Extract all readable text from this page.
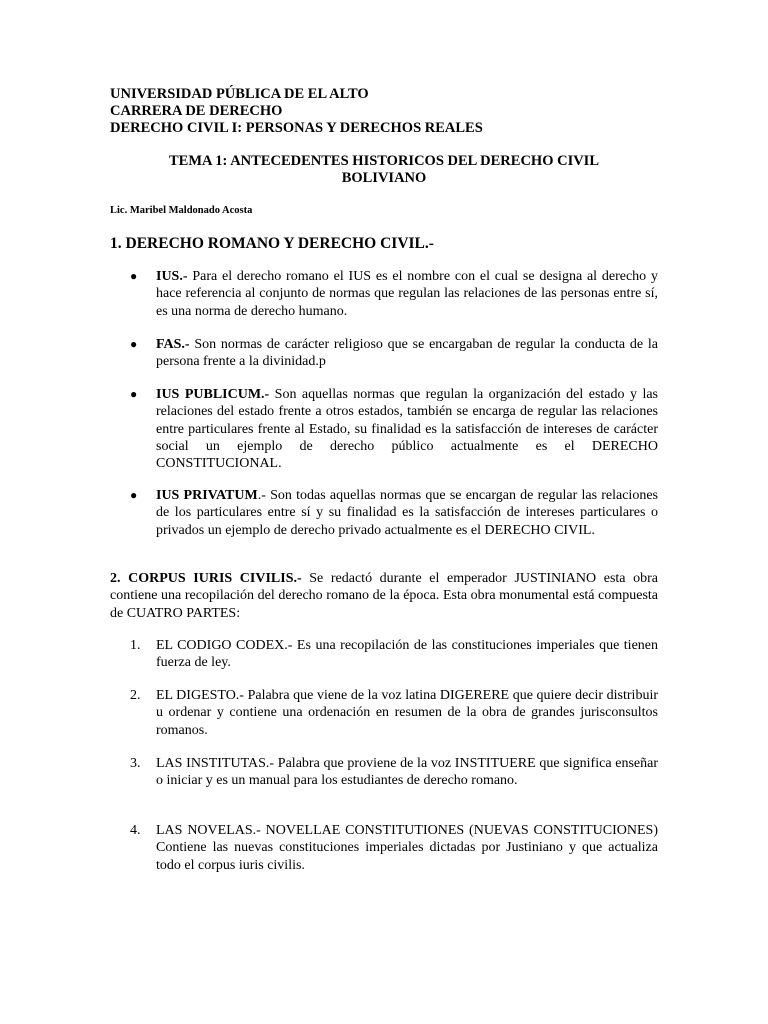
UNIVERSIDAD PÚBLICA DE EL ALTO
CARRERA DE DERECHO
DERECHO CIVIL I: PERSONAS Y DERECHOS REALES
TEMA 1: ANTECEDENTES HISTORICOS DEL DERECHO CIVIL
BOLIVIANO
Lic. Maribel Maldonado Acosta
1. DERECHO ROMANO Y DERECHO CIVIL.-
● IUS.- Para el derecho romano el IUS es el nombre con el cual se designa al derecho y hace referencia al conjunto de normas que regulan las relaciones de las personas entre sí, es una norma de derecho humano.
● FAS.- Son normas de carácter religioso que se encargaban de regular la conducta de la persona frente a la divinidad.p
● IUS PUBLICUM.- Son aquellas normas que regulan la organización del estado y las relaciones del estado frente a otros estados, también se encarga de regular las relaciones entre particulares frente al Estado, su finalidad es la satisfacción de intereses de carácter social un ejemplo de derecho público actualmente es el DERECHO CONSTITUCIONAL.
● IUS PRIVATUM.- Son todas aquellas normas que se encargan de regular las relaciones de los particulares entre sí y su finalidad es la satisfacción de intereses particulares o privados un ejemplo de derecho privado actualmente es el DERECHO CIVIL.
2. CORPUS IURIS CIVILIS.- Se redactó durante el emperador JUSTINIANO esta obra contiene una recopilación del derecho romano de la época. Esta obra monumental está compuesta de CUATRO PARTES:
1. EL CODIGO CODEX.- Es una recopilación de las constituciones imperiales que tienen fuerza de ley.
2. EL DIGESTO.- Palabra que viene de la voz latina DIGERERE que quiere decir distribuir u ordenar y contiene una ordenación en resumen de la obra de grandes jurisconsultos romanos.
3. LAS INSTITUTAS.- Palabra que proviene de la voz INSTITUERE que significa enseñar o iniciar y es un manual para los estudiantes de derecho romano.
4. LAS NOVELAS.- NOVELLAE CONSTITUTIONES (NUEVAS CONSTITUCIONES) Contiene las nuevas constituciones imperiales dictadas por Justiniano y que actualiza todo el corpus iuris civilis.
